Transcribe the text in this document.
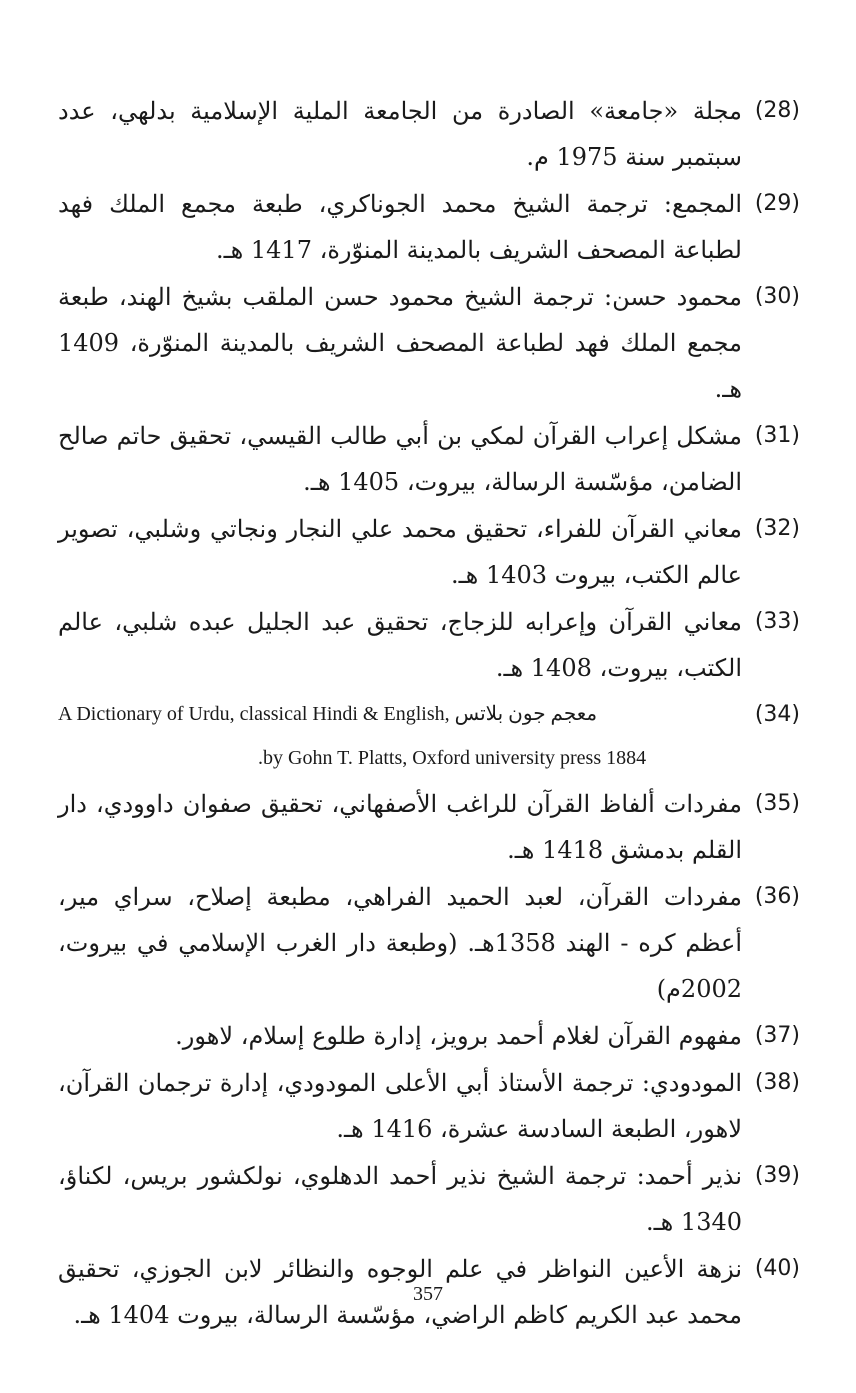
(28)
مجلة «جامعة» الصادرة من الجامعة الملية الإسلامية بدلهي، عدد سبتمبر سنة 1975 م.
(29)
المجمع: ترجمة الشيخ محمد الجوناكري، طبعة مجمع الملك فهد لطباعة المصحف الشريف بالمدينة المنوّرة، 1417 هـ.
(30)
محمود حسن: ترجمة الشيخ محمود حسن الملقب بشيخ الهند، طبعة مجمع الملك فهد لطباعة المصحف الشريف بالمدينة المنوّرة، 1409 هـ.
(31)
مشكل إعراب القرآن لمكي بن أبي طالب القيسي، تحقيق حاتم صالح الضامن، مؤسّسة الرسالة، بيروت، 1405 هـ.
(32)
معاني القرآن للفراء، تحقيق محمد علي النجار ونجاتي وشلبي، تصوير عالم الكتب، بيروت 1403 هـ.
(33)
معاني القرآن وإعرابه للزجاج، تحقيق عبد الجليل عبده شلبي، عالم الكتب، بيروت، 1408 هـ.
(34)
A Dictionary of Urdu, classical Hindi & English, معجم جون بلاتس
.by Gohn T. Platts, Oxford university press 1884
(35)
مفردات ألفاظ القرآن للراغب الأصفهاني، تحقيق صفوان داوودي، دار القلم بدمشق 1418 هـ.
(36)
مفردات القرآن، لعبد الحميد الفراهي، مطبعة إصلاح، سراي مير، أعظم كره - الهند 1358هـ. (وطبعة دار الغرب الإسلامي في بيروت، 2002م)
(37)
مفهوم القرآن لغلام أحمد برويز، إدارة طلوع إسلام، لاهور.
(38)
المودودي: ترجمة الأستاذ أبي الأعلى المودودي، إدارة ترجمان القرآن، لاهور، الطبعة السادسة عشرة، 1416 هـ.
(39)
نذير أحمد: ترجمة الشيخ نذير أحمد الدهلوي، نولكشور بريس، لكناؤ، 1340 هـ.
(40)
نزهة الأعين النواظر في علم الوجوه والنظائر لابن الجوزي، تحقيق محمد عبد الكريم كاظم الراضي، مؤسّسة الرسالة، بيروت 1404 هـ.
357
